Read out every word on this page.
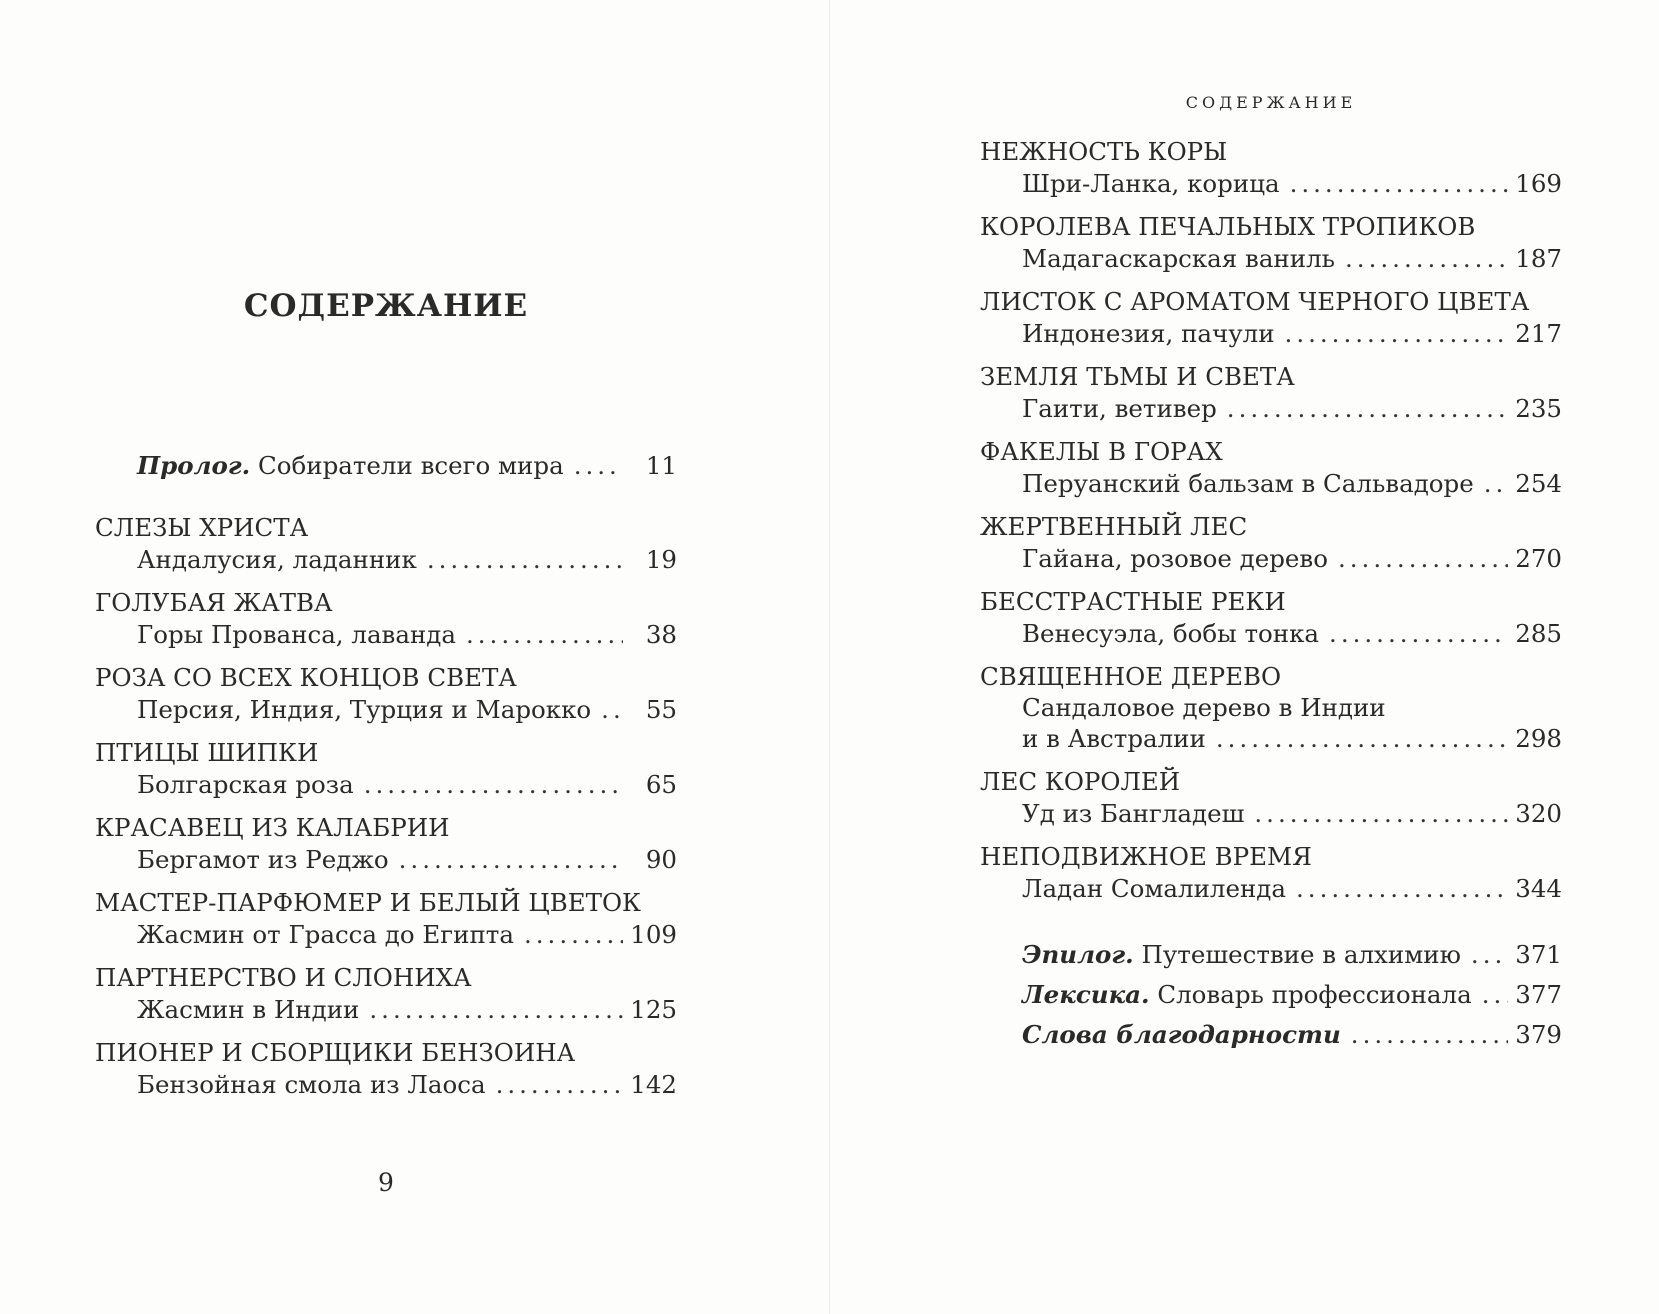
СОДЕРЖАНИЕ
Пролог. Собиратели всего мира .....	11
СЛЕЗЫ ХРИСТА
Андалусия, ладанник .....	19
ГОЛУБАЯ ЖАТВА
Горы Прованса, лаванда .....	38
РОЗА СО ВСЕХ КОНЦОВ СВЕТА
Персия, Индия, Турция и Марокко .....	55
ПТИЦЫ ШИПКИ
Болгарская роза .....	65
КРАСАВЕЦ ИЗ КАЛАБРИИ
Бергамот из Реджо .....	90
МАСТЕР-ПАРФЮМЕР И БЕЛЫЙ ЦВЕТОК
Жасмин от Грасса до Египта .....	109
ПАРТНЕРСТВО И СЛОНИХА
Жасмин в Индии .....	125
ПИОНЕР И СБОРЩИКИ БЕНЗОИНА
Бензойная смола из Лаоса .....	142
9
СОДЕРЖАНИЕ
НЕЖНОСТЬ КОРЫ
Шри-Ланка, корица .....	169
КОРОЛЕВА ПЕЧАЛЬНЫХ ТРОПИКОВ
Мадагаскарская ваниль .....	187
ЛИСТОК С АРОМАТОМ ЧЕРНОГО ЦВЕТА
Индонезия, пачули .....	217
ЗЕМЛЯ ТЬМЫ И СВЕТА
Гаити, ветивер .....	235
ФАКЕЛЫ В ГОРАХ
Перуанский бальзам в Сальвадоре ..... 254
ЖЕРТВЕННЫЙ ЛЕС
Гайана, розовое дерево .....	270
БЕССТРАСТНЫЕ РЕКИ
Венесуэла, бобы тонка .....	285
СВЯЩЕННОЕ ДЕРЕВО
Сандаловое дерево в Индии
и в Австралии .....	298
ЛЕС КОРОЛЕЙ
Уд из Бангладеш .....	320
НЕПОДВИЖНОЕ ВРЕМЯ
Ладан Сомалиленда .....	344
Эпилог. Путешествие в алхимию ..... 371
Лексика. Словарь профессионала ..... 377
Слова благодарности .....	379
